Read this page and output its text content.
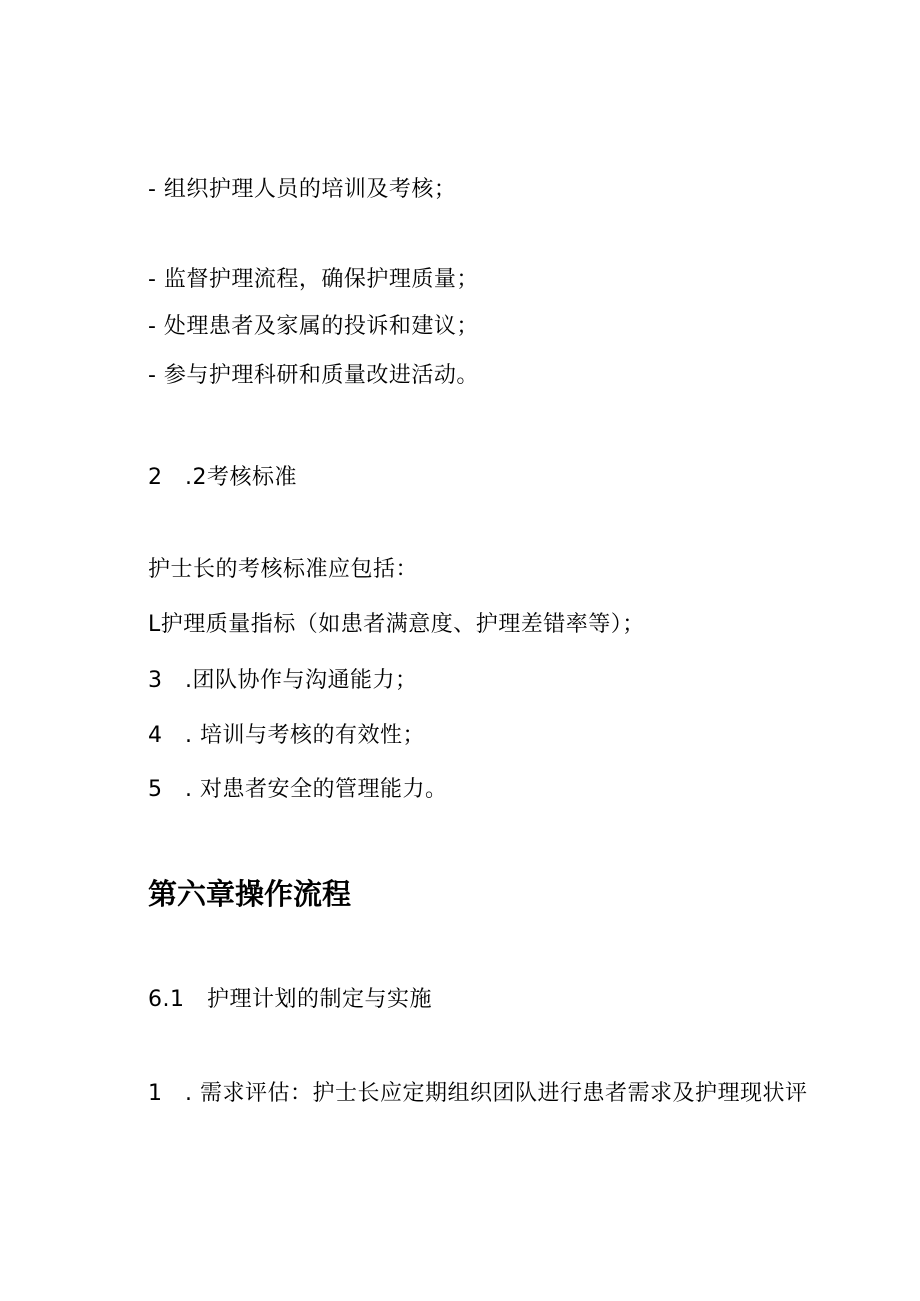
- 组织护理人员的培训及考核；
- 监督护理流程，确保护理质量；
- 处理患者及家属的投诉和建议；
- 参与护理科研和质量改进活动。
2　.2考核标准
护士长的考核标准应包括：
L护理质量指标（如患者满意度、护理差错率等）；
3　.团队协作与沟通能力；
4　. 培训与考核的有效性；
5　. 对患者安全的管理能力。
第六章操作流程
6.1　护理计划的制定与实施
1　. 需求评估：护士长应定期组织团队进行患者需求及护理现状评
